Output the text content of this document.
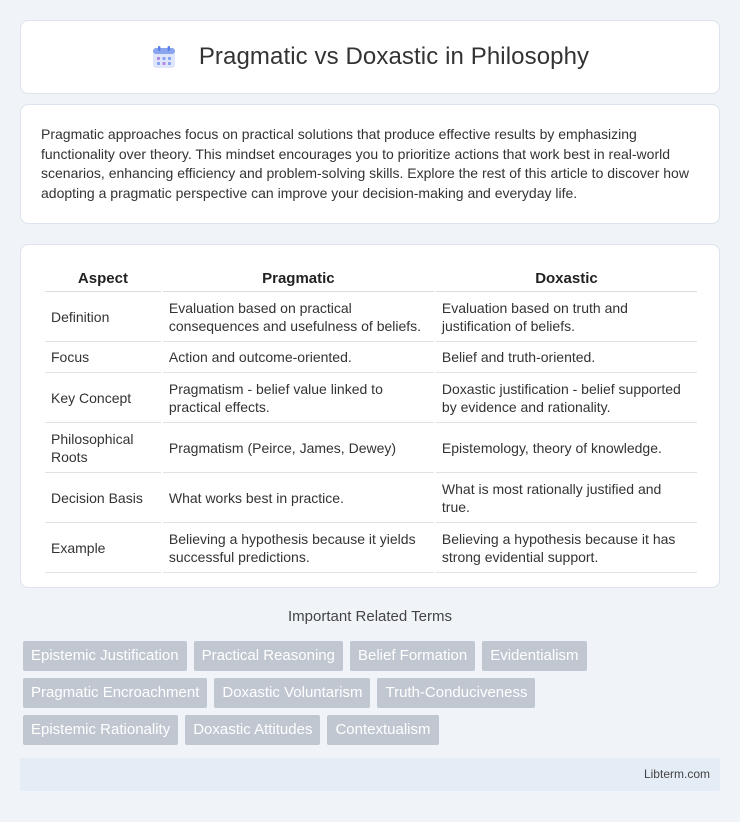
Pragmatic vs Doxastic in Philosophy

Pragmatic approaches focus on practical solutions that produce effective results by emphasizing functionality over theory. This mindset encourages you to prioritize actions that work best in real-world scenarios, enhancing efficiency and problem-solving skills. Explore the rest of this article to discover how adopting a pragmatic perspective can improve your decision-making and everyday life.

Aspect	Pragmatic	Doxastic
Definition	Evaluation based on practical consequences and usefulness of beliefs.	Evaluation based on truth and justification of beliefs.
Focus	Action and outcome-oriented.	Belief and truth-oriented.
Key Concept	Pragmatism - belief value linked to practical effects.	Doxastic justification - belief supported by evidence and rationality.
Philosophical Roots	Pragmatism (Peirce, James, Dewey)	Epistemology, theory of knowledge.
Decision Basis	What works best in practice.	What is most rationally justified and true.
Example	Believing a hypothesis because it yields successful predictions.	Believing a hypothesis because it has strong evidential support.
Important Related Terms
Epistemic Justification	Practical Reasoning	Belief Formation	Evidentialism
Pragmatic Encroachment	Doxastic Voluntarism	Truth-Conduciveness
Epistemic Rationality	Doxastic Attitudes	Contextualism
Libterm.com
